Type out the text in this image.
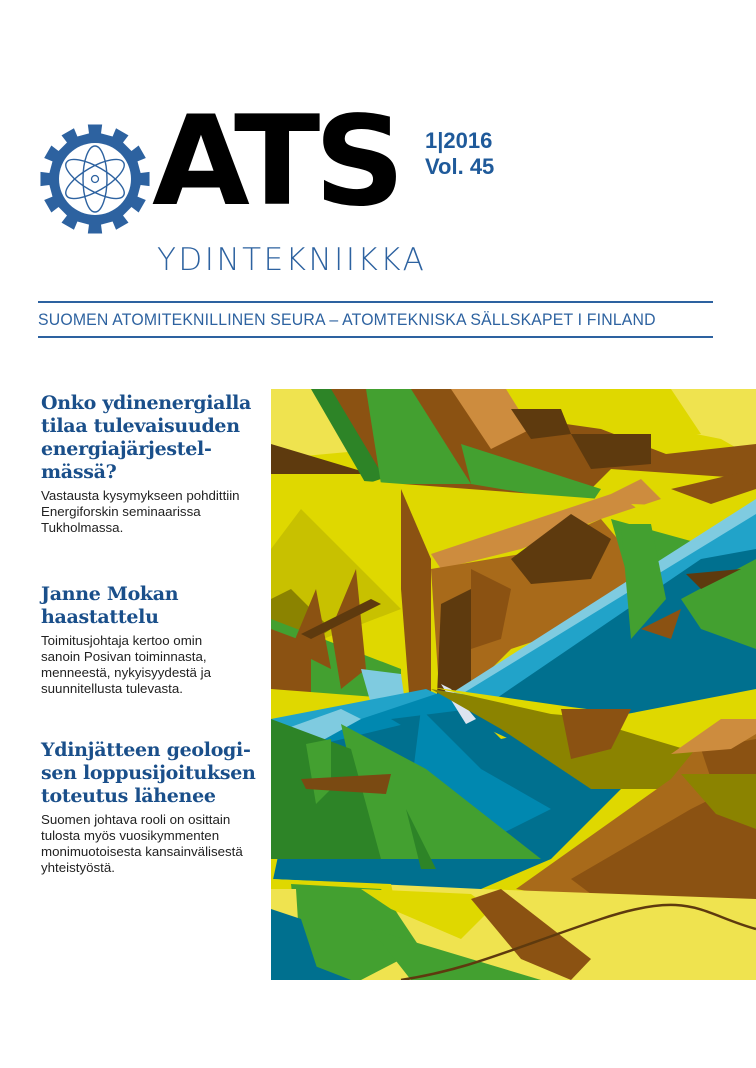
ATS 1|2016
Vol. 45
YDINTEKNIIKKA
SUOMEN ATOMITEKNILLINEN SEURA – ATOMTEKNISKA SÄLLSKAPET I FINLAND
Onko ydinenergialla
tilaa tulevaisuuden
energiajärjestel-
mässä?

Vastausta kysymykseen pohdittiin
Energiforskin seminaarissa
Tukholmassa.

Janne Mokan
haastattelu

Toimitusjohtaja kertoo omin
sanoin Posivan toiminnasta,
menneestä, nykyisyydestä ja
suunnitellusta tulevasta.

Ydinjätteen geologi-
sen loppusijoituksen
toteutus lähenee

Suomen johtava rooli on osittain
tulosta myös vuosikymmenten
monimuotoisesta kansainvälisestä
yhteistyöstä.
